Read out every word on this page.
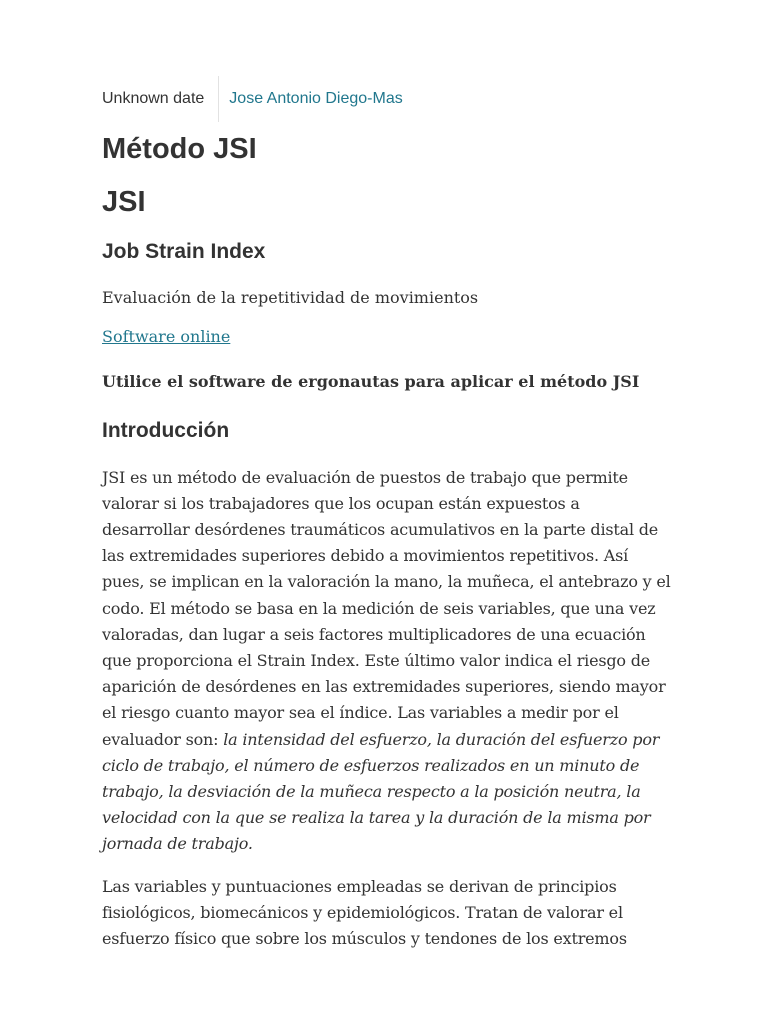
Unknown date	Jose Antonio Diego-Mas
Método JSI
JSI
Job Strain Index

Evaluación de la repetitividad de movimientos

Software online

Utilice el software de ergonautas para aplicar el método JSI

Introducción

JSI es un método de evaluación de puestos de trabajo que permite valorar si los trabajadores que los ocupan están expuestos a desarrollar desórdenes traumáticos acumulativos en la parte distal de las extremidades superiores debido a movimientos repetitivos. Así pues, se implican en la valoración la mano, la muñeca, el antebrazo y el codo. El método se basa en la medición de seis variables, que una vez valoradas, dan lugar a seis factores multiplicadores de una ecuación que proporciona el Strain Index. Este último valor indica el riesgo de aparición de desórdenes en las extremidades superiores, siendo mayor el riesgo cuanto mayor sea el índice. Las variables a medir por el evaluador son: la intensidad del esfuerzo, la duración del esfuerzo por ciclo de trabajo, el número de esfuerzos realizados en un minuto de trabajo, la desviación de la muñeca respecto a la posición neutra, la velocidad con la que se realiza la tarea y la duración de la misma por jornada de trabajo.

Las variables y puntuaciones empleadas se derivan de principios fisiológicos, biomecánicos y epidemiológicos. Tratan de valorar el esfuerzo físico que sobre los músculos y tendones de los extremos
